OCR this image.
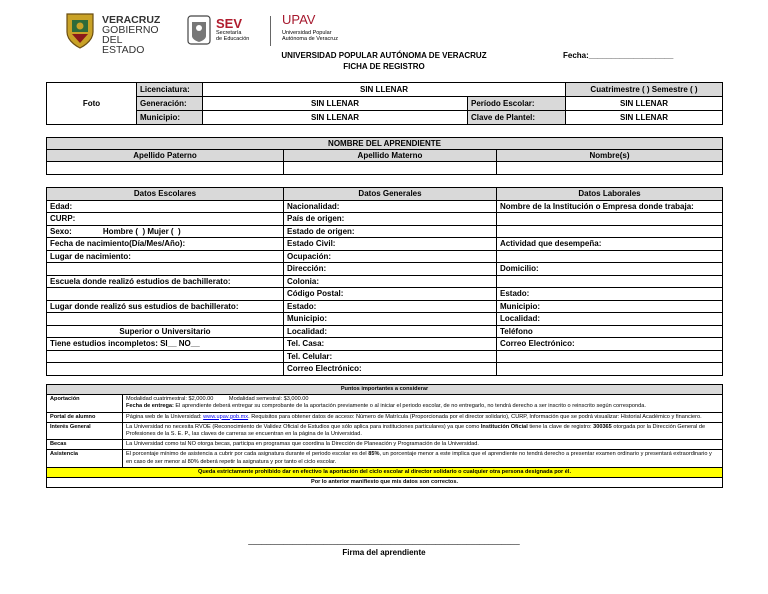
VERACRUZ
GOBIERNO
DEL ESTADO
SEV
Secretaría
de Educación
UPAV
Universidad Popular
Autónoma de Veracruz
UNIVERSIDAD POPULAR AUTÓNOMA DE VERACRUZ	Fecha:___________________
FICHA DE REGISTRO
Foto	Licenciatura:	SIN LLENAR		Cuatrimestre ( ) Semestre ( )
	Generación:	SIN LLENAR	Período Escolar:	SIN LLENAR
	Municipio:	SIN LLENAR	Clave de Plantel:	SIN LLENAR
NOMBRE DEL APRENDIENTE		
Apellido Paterno	Apellido Materno	Nombre(s)

Datos Escolares	Datos Generales	Datos Laborales
Edad:	Nacionalidad:	Nombre de la Institución o Empresa donde trabaja:
CURP:	País de origen:	
Sexo:              Hombre (  ) Mujer (  )	Estado de origen:	
Fecha de nacimiento(Día/Mes/Año):	Estado Civil:	Actividad que desempeña:
Lugar de nacimiento:	Ocupación:	
	Dirección:	Domicilio:
Escuela donde realizó estudios de bachillerato:	Colonia:	
	Código Postal:	Estado:
Lugar donde realizó sus estudios de bachillerato:	Estado:	Municipio:
	Municipio:	Localidad:
Superior o Universitario	Localidad:	Teléfono
Tiene estudios incompletos: SI__ NO__	Tel. Casa:	Correo Electrónico:
	Tel. Celular:	
	Correo Electrónico:	
Puntos importantes a considerar	
Aportación	Modalidad cuatrimestral: $2,000.00          Modalidad semestral: $3,000.00
Fecha de entrega: El aprendiente deberá entregar su comprobante de la aportación previamente o al iniciar el periodo escolar, de no entregarlo, no tendrá derecho a ser inscrito o reinscrito según corresponda.

Portal de alumno	Página web de la Universidad: www.upav.gob.mx. Requisitos para obtener datos de acceso: Número de Matrícula (Proporcionada por el director solidario), CURP, Información que se podrá visualizar: Historial Académico y financiero.
Interés General	La Universidad no necesita RVOE (Reconocimiento de Validez Oficial de Estudios que sólo aplica para instituciones particulares) ya que como Institución Oficial tiene la clave de registro: 300365 otorgada por la Dirección General de Profesiones de la S. E. P., las claves de carreras se encuentran en la página de la Universidad.
Becas	La Universidad como tal NO otorga becas, participa en programas que coordina la Dirección de Planeación y Programación de la Universidad.
Asistencia	El porcentaje mínimo de asistencia a cubrir por cada asignatura durante el periodo escolar es del 85%, un porcentaje menor a este implica que el aprendiente no tendrá derecho a presentar examen ordinario y presentará extraordinario y en caso de ser menor al 80% deberá repetir la asignatura y por tanto el ciclo escolar.
Queda estrictamente prohibido dar en efectivo la aportación del ciclo escolar al director solidario o cualquier otra persona designada por él.	
Por lo anterior manifiesto que mis datos son correctos.	
_____________________________________________________________
Firma del aprendiente
